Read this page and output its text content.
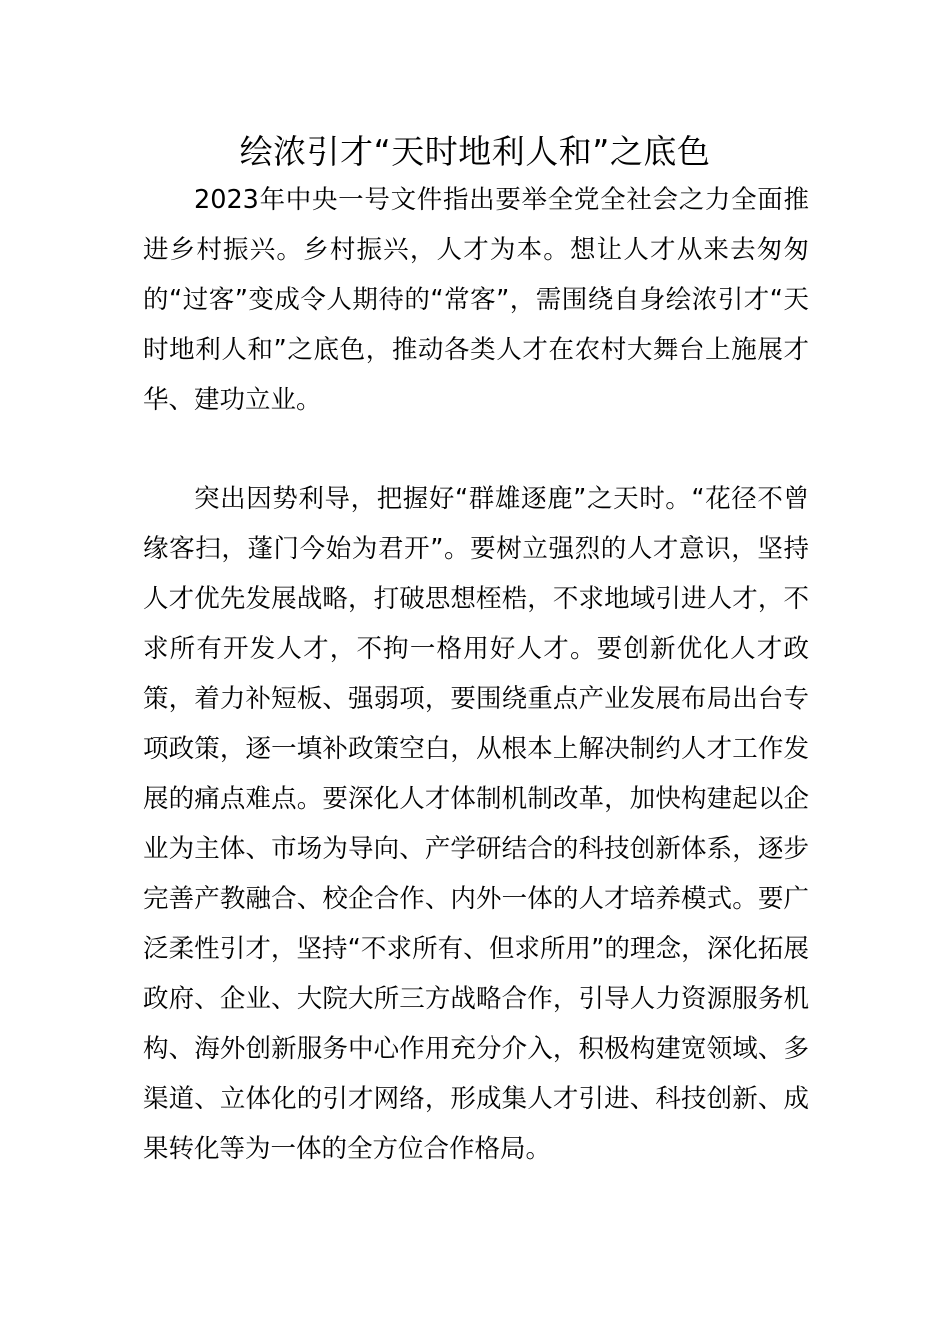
绘浓引才“天时地利人和”之底色

2023年中央一号文件指出要举全党全社会之力全面推进乡村振兴。乡村振兴，人才为本。想让人才从来去匆匆的“过客”变成令人期待的“常客”，需围绕自身绘浓引才“天时地利人和”之底色，推动各类人才在农村大舞台上施展才华、建功立业。

突出因势利导，把握好“群雄逐鹿”之天时。“花径不曾缘客扫，蓬门今始为君开”。要树立强烈的人才意识，坚持人才优先发展战略，打破思想桎梏，不求地域引进人才，不求所有开发人才，不拘一格用好人才。要创新优化人才政策，着力补短板、强弱项，要围绕重点产业发展布局出台专项政策，逐一填补政策空白，从根本上解决制约人才工作发展的痛点难点。要深化人才体制机制改革，加快构建起以企业为主体、市场为导向、产学研结合的科技创新体系，逐步完善产教融合、校企合作、内外一体的人才培养模式。要广泛柔性引才，坚持“不求所有、但求所用”的理念，深化拓展政府、企业、大院大所三方战略合作，引导人力资源服务机构、海外创新服务中心作用充分介入，积极构建宽领域、多渠道、立体化的引才网络，形成集人才引进、科技创新、成果转化等为一体的全方位合作格局。
